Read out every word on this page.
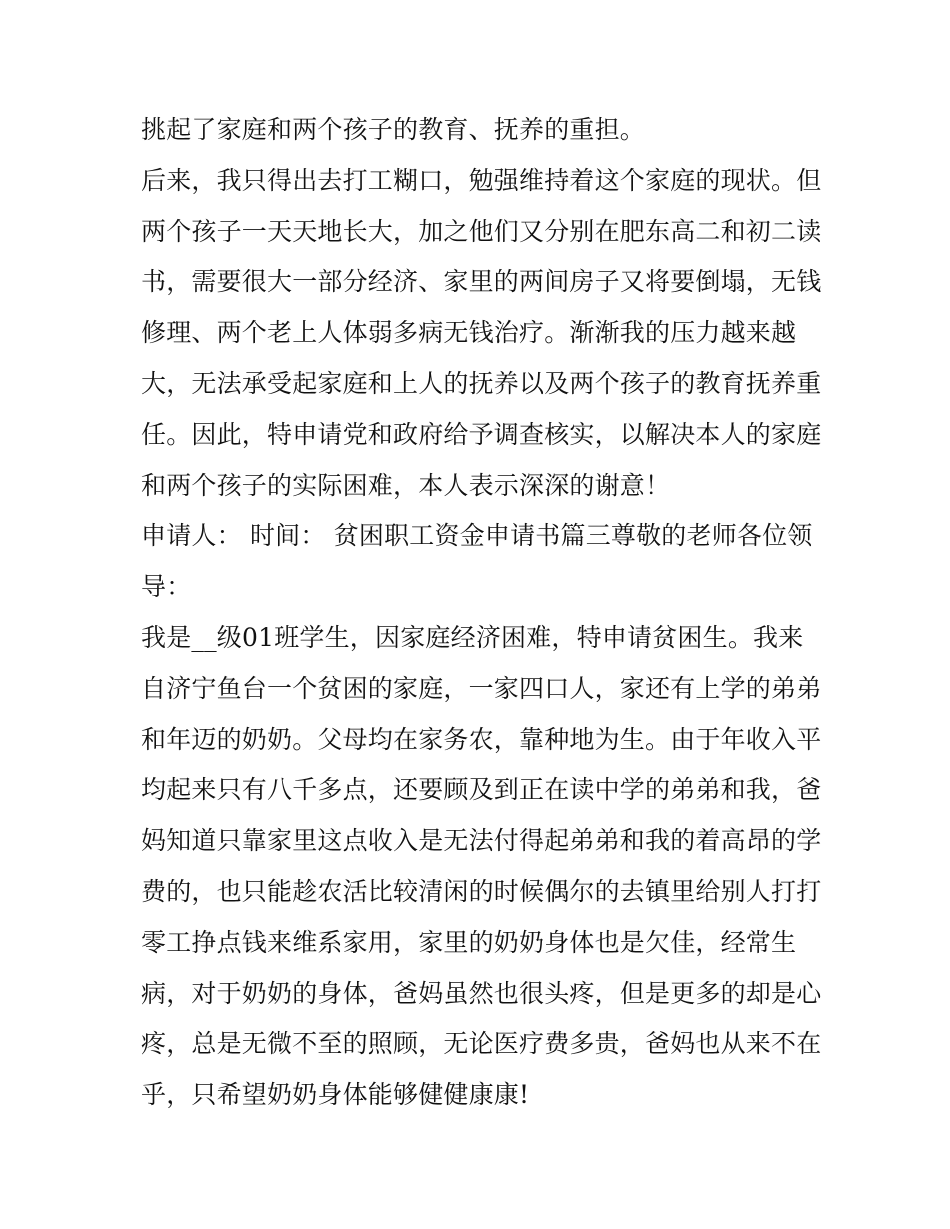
挑起了家庭和两个孩子的教育、抚养的重担。
后来，我只得出去打工糊口，勉强维持着这个家庭的现状。但
两个孩子一天天地长大，加之他们又分别在肥东高二和初二读
书，需要很大一部分经济、家里的两间房子又将要倒塌，无钱
修理、两个老上人体弱多病无钱治疗。渐渐我的压力越来越
大，无法承受起家庭和上人的抚养以及两个孩子的教育抚养重
任。因此，特申请党和政府给予调查核实，以解决本人的家庭
和两个孩子的实际困难，本人表示深深的谢意！
申请人： 时间： 贫困职工资金申请书篇三尊敬的老师各位领
导：
我是__级01班学生，因家庭经济困难，特申请贫困生。我来
自济宁鱼台一个贫困的家庭，一家四口人，家还有上学的弟弟
和年迈的奶奶。父母均在家务农，靠种地为生。由于年收入平
均起来只有八千多点，还要顾及到正在读中学的弟弟和我，爸
妈知道只靠家里这点收入是无法付得起弟弟和我的着高昂的学
费的，也只能趁农活比较清闲的时候偶尔的去镇里给别人打打
零工挣点钱来维系家用，家里的奶奶身体也是欠佳，经常生
病，对于奶奶的身体，爸妈虽然也很头疼，但是更多的却是心
疼，总是无微不至的照顾，无论医疗费多贵，爸妈也从来不在
乎，只希望奶奶身体能够健健康康!
